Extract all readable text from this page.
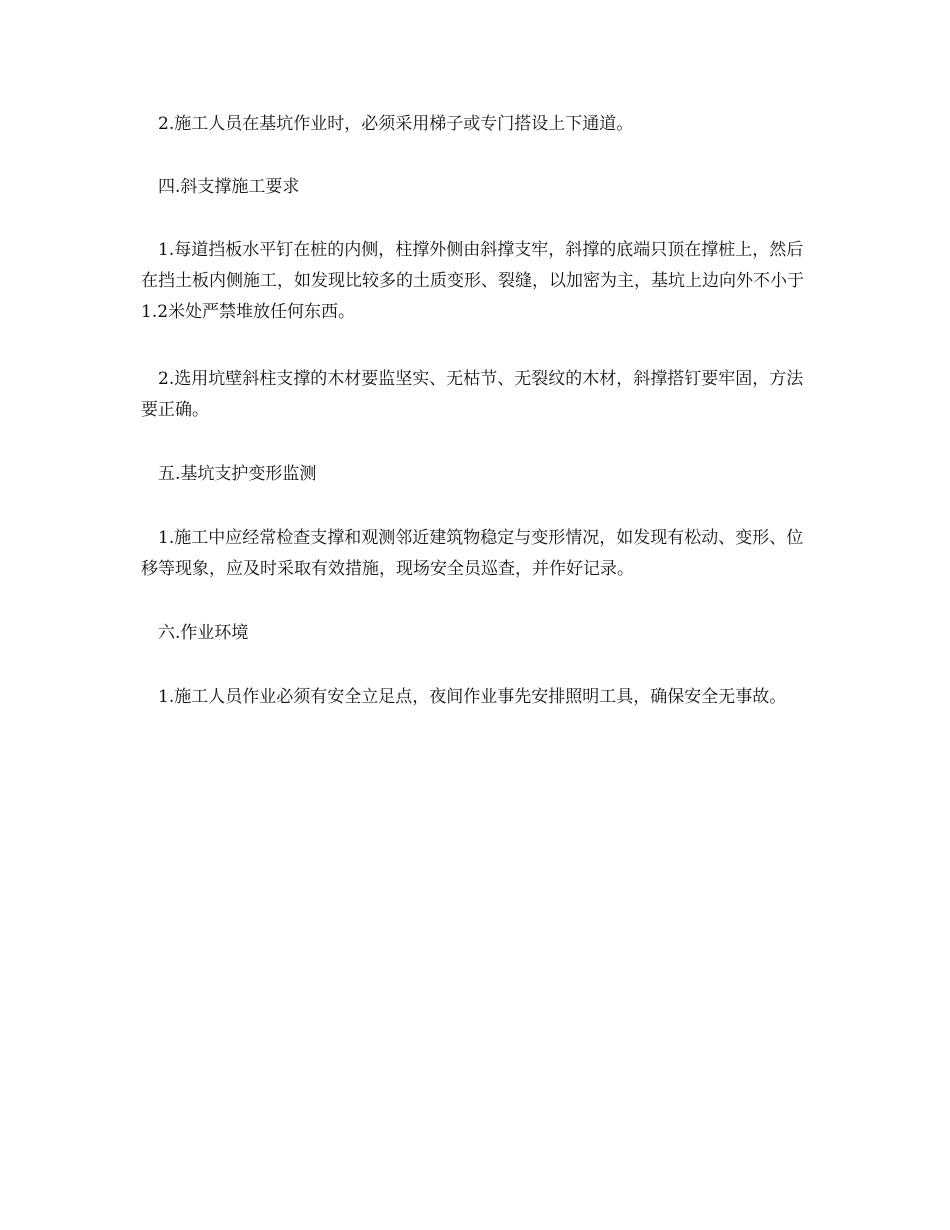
2.施工人员在基坑作业时，必须采用梯子或专门搭设上下通道。

四.斜支撑施工要求

1.每道挡板水平钉在桩的内侧，柱撑外侧由斜撑支牢，斜撑的底端只顶在撑桩上，然后在挡土板内侧施工，如发现比较多的土质变形、裂缝，以加密为主，基坑上边向外不小于1.2米处严禁堆放任何东西。

2.选用坑壁斜柱支撑的木材要监坚实、无枯节、无裂纹的木材，斜撑搭钉要牢固，方法要正确。

五.基坑支护变形监测

1.施工中应经常检查支撑和观测邻近建筑物稳定与变形情况，如发现有松动、变形、位移等现象，应及时采取有效措施，现场安全员巡查，并作好记录。

六.作业环境

1.施工人员作业必须有安全立足点，夜间作业事先安排照明工具，确保安全无事故。
